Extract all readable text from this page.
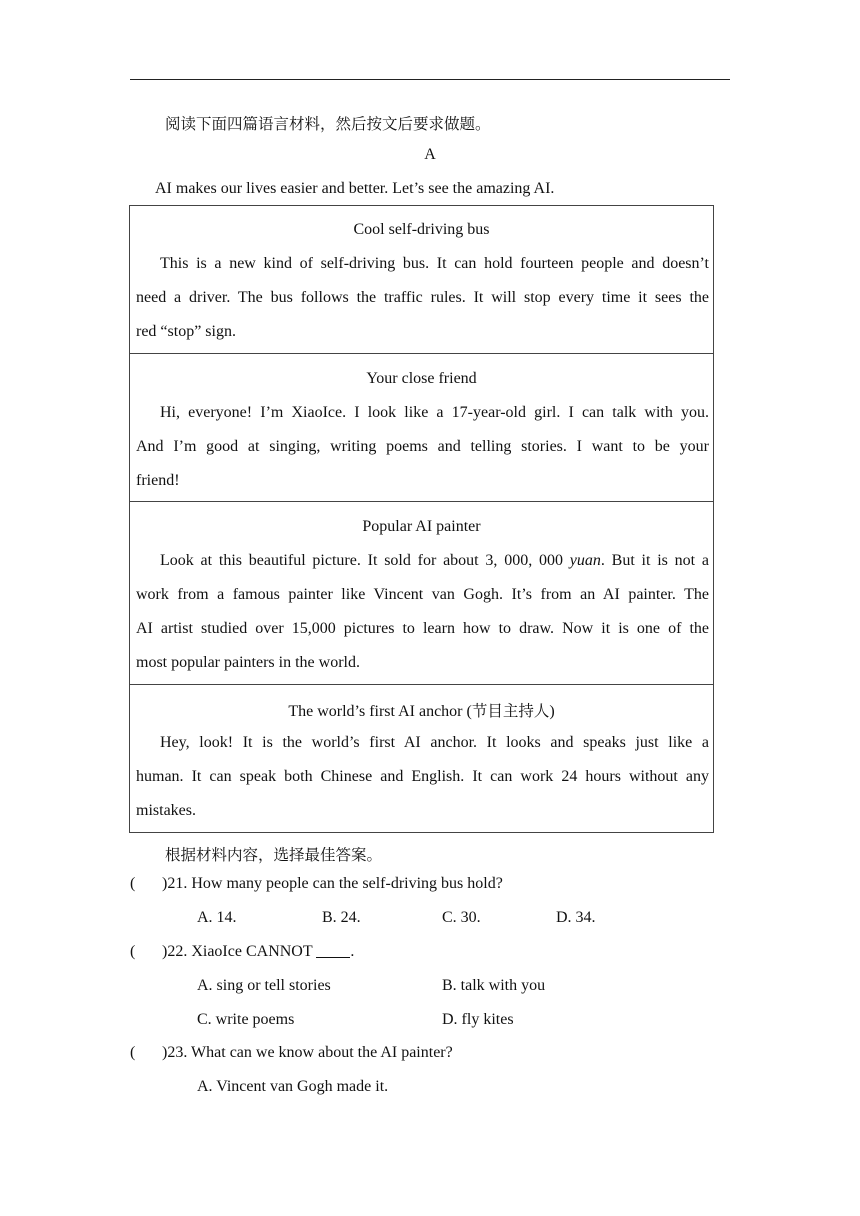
阅读下面四篇语言材料，然后按文后要求做题。
A
AI makes our lives easier and better. Let’s see the amazing AI.
Cool self-driving bus
This is a new kind of self-driving bus. It can hold fourteen people and doesn’t
need a driver. The bus follows the traffic rules. It will stop every time it sees the
red “stop” sign.
Your close friend
Hi, everyone! I’m XiaoIce. I look like a 17-year-old girl. I can talk with you.
And I’m good at singing, writing poems and telling stories. I want to be your
friend!
Popular AI painter
Look at this beautiful picture. It sold for about 3, 000, 000 yuan. But it is not a
work from a famous painter like Vincent van Gogh. It’s from an AI painter. The
AI artist studied over 15,000 pictures to learn how to draw. Now it is one of the
most popular painters in the world.
The world’s first AI anchor (节目主持人)
Hey, look! It is the world’s first AI anchor. It looks and speaks just like a
human. It can speak both Chinese and English. It can work 24 hours without any
mistakes.
根据材料内容，选择最佳答案。
( )21. How many people can the self-driving bus hold?
A. 14.	B. 24.	C. 30.	D. 34.
( )22. XiaoIce CANNOT .
A. sing or tell stories	B. talk with you
C. write poems	D. fly kites
( )23. What can we know about the AI painter?
A. Vincent van Gogh made it.
